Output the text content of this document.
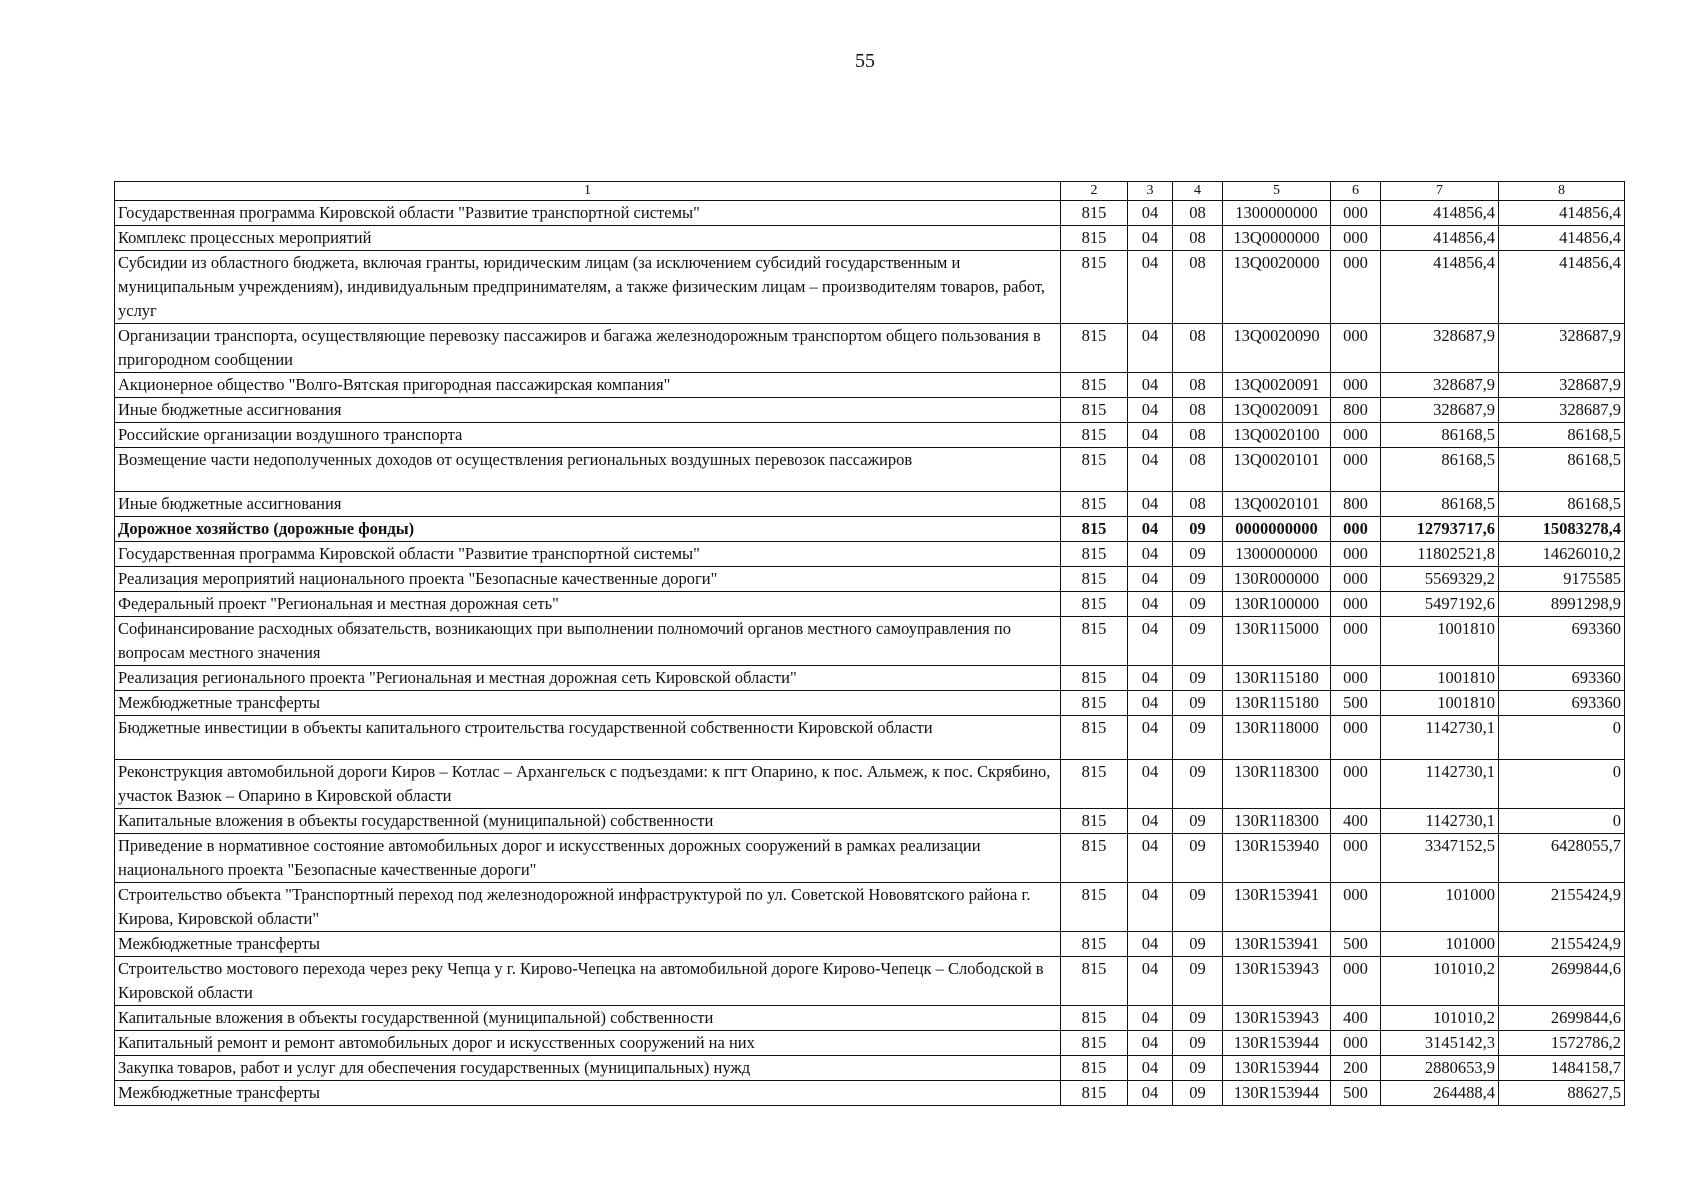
55
1	2	3	4	5	6	7	8
Государственная программа Кировской области "Развитие транспортной системы"	815	04	08	1300000000	000	414856,4	414856,4
Комплекс процессных мероприятий	815	04	08	13Q0000000	000	414856,4	414856,4
Субсидии из областного бюджета, включая гранты, юридическим лицам (за исключением субсидий государственным и муниципальным учреждениям), индивидуальным предпринимателям, а также физическим лицам – производителям товаров, работ, услуг	815	04	08	13Q0020000	000	414856,4	414856,4
Организации транспорта, осуществляющие перевозку пассажиров и багажа железнодорожным транспортом общего пользования в пригородном сообщении	815	04	08	13Q0020090	000	328687,9	328687,9
Акционерное общество "Волго-Вятская пригородная пассажирская компания"	815	04	08	13Q0020091	000	328687,9	328687,9
Иные бюджетные ассигнования	815	04	08	13Q0020091	800	328687,9	328687,9
Российские организации воздушного транспорта	815	04	08	13Q0020100	000	86168,5	86168,5
Возмещение части недополученных доходов от осуществления региональных воздушных перевозок пассажиров	815	04	08	13Q0020101	000	86168,5	86168,5
Иные бюджетные ассигнования	815	04	08	13Q0020101	800	86168,5	86168,5
Дорожное хозяйство (дорожные фонды)	815	04	09	0000000000	000	12793717,6	15083278,4
Государственная программа Кировской области "Развитие транспортной системы"	815	04	09	1300000000	000	11802521,8	14626010,2
Реализация мероприятий национального проекта "Безопасные качественные дороги"	815	04	09	130R000000	000	5569329,2	9175585
Федеральный проект "Региональная и местная дорожная сеть"	815	04	09	130R100000	000	5497192,6	8991298,9
Софинансирование расходных обязательств, возникающих при выполнении полномочий органов местного самоуправления по вопросам местного значения	815	04	09	130R115000	000	1001810	693360
Реализация регионального проекта "Региональная и местная дорожная сеть Кировской области"	815	04	09	130R115180	000	1001810	693360
Межбюджетные трансферты	815	04	09	130R115180	500	1001810	693360
Бюджетные инвестиции в объекты капитального строительства государственной собственности Кировской области	815	04	09	130R118000	000	1142730,1	0
Реконструкция автомобильной дороги Киров – Котлас – Архангельск с подъездами: к пгт Опарино, к пос. Альмеж, к пос. Скрябино, участок Вазюк – Опарино в Кировской области	815	04	09	130R118300	000	1142730,1	0
Капитальные вложения в объекты государственной (муниципальной) собственности	815	04	09	130R118300	400	1142730,1	0
Приведение в нормативное состояние автомобильных дорог и искусственных дорожных сооружений в рамках реализации национального проекта "Безопасные качественные дороги"	815	04	09	130R153940	000	3347152,5	6428055,7
Строительство объекта "Транспортный переход под железнодорожной инфраструктурой по ул. Советской Нововятского района г. Кирова, Кировской области"	815	04	09	130R153941	000	101000	2155424,9
Межбюджетные трансферты	815	04	09	130R153941	500	101000	2155424,9
Строительство мостового перехода через реку Чепца у г. Кирово-Чепецка на автомобильной дороге Кирово-Чепецк – Слободской в Кировской области	815	04	09	130R153943	000	101010,2	2699844,6
Капитальные вложения в объекты государственной (муниципальной) собственности	815	04	09	130R153943	400	101010,2	2699844,6
Капитальный ремонт и ремонт автомобильных дорог и искусственных сооружений на них	815	04	09	130R153944	000	3145142,3	1572786,2
Закупка товаров, работ и услуг для обеспечения государственных (муниципальных) нужд	815	04	09	130R153944	200	2880653,9	1484158,7
Межбюджетные трансферты	815	04	09	130R153944	500	264488,4	88627,5
